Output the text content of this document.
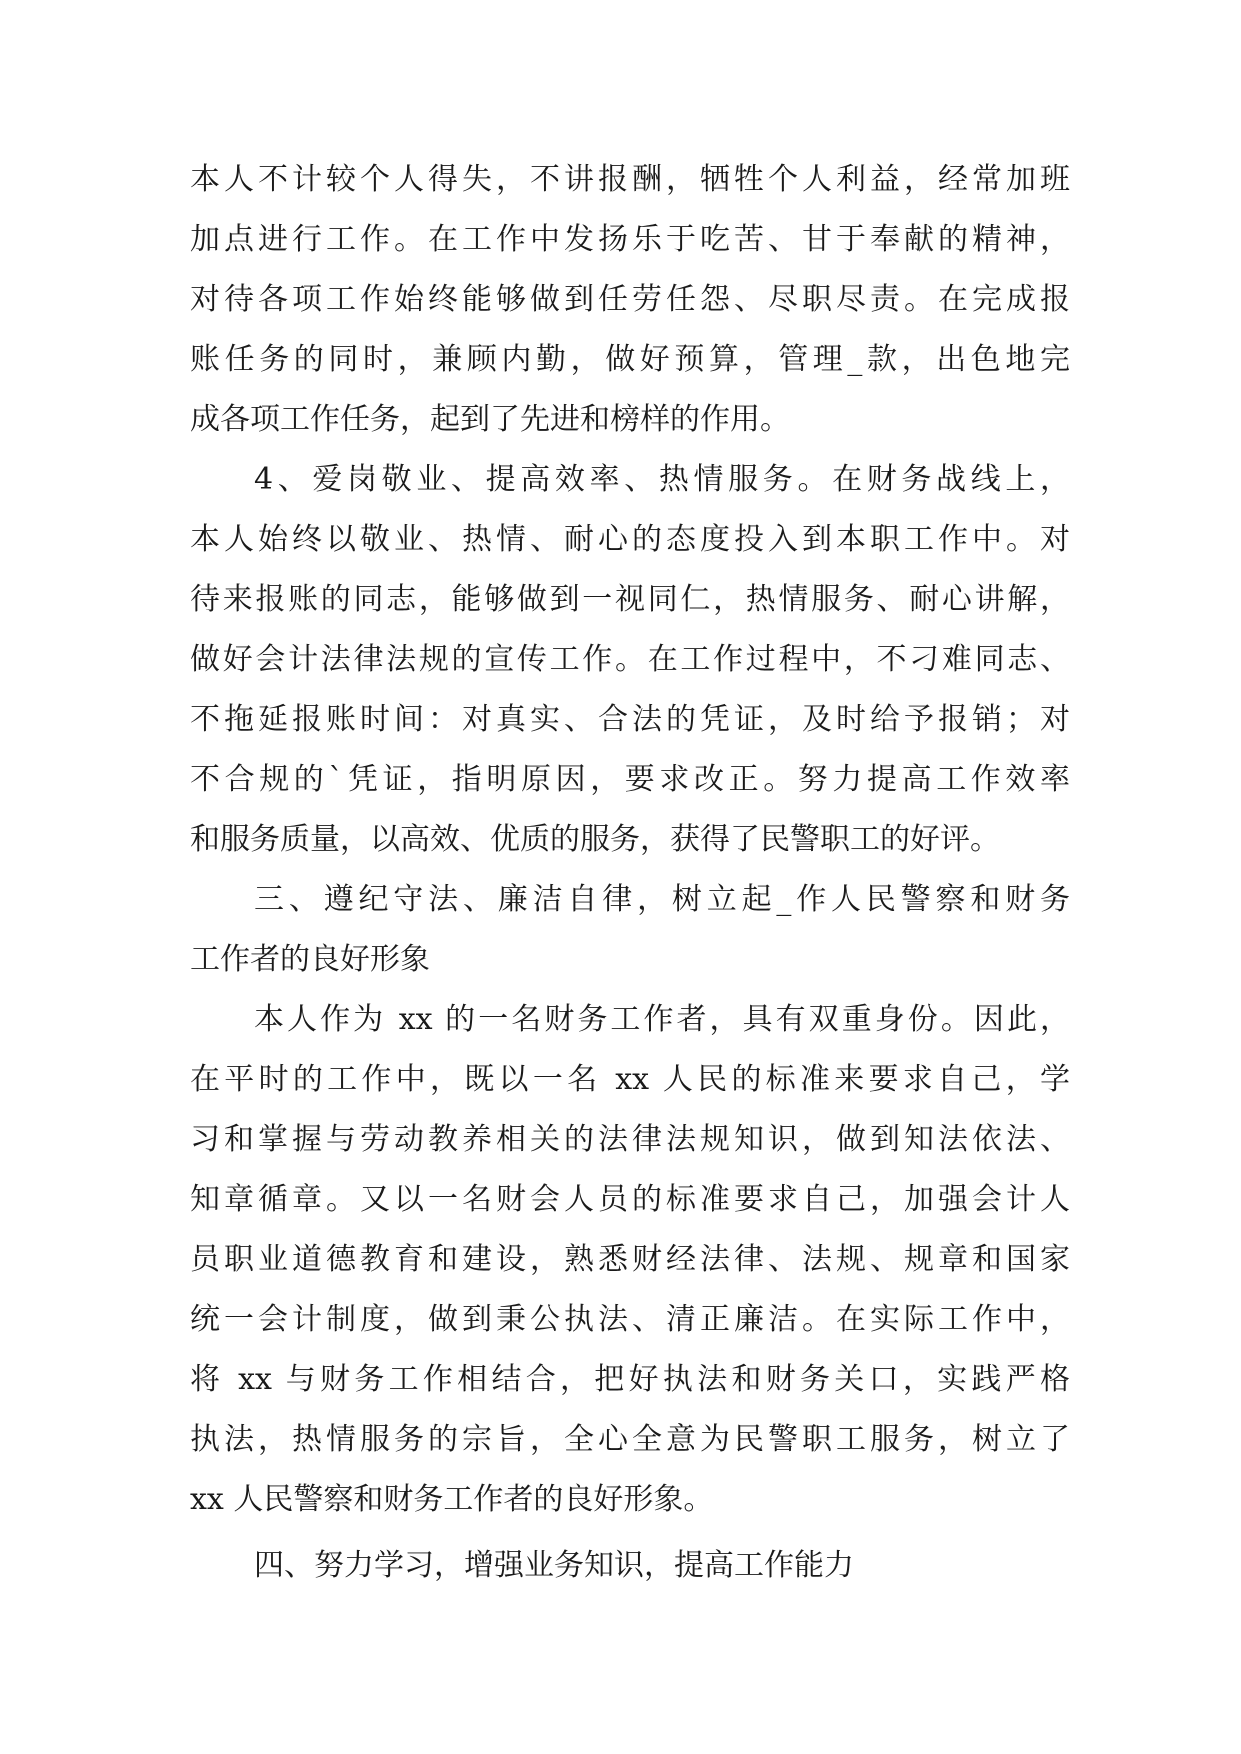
本人不计较个人得失，不讲报酬，牺牲个人利益，经常加班
加点进行工作。在工作中发扬乐于吃苦、甘于奉献的精神，
对待各项工作始终能够做到任劳任怨、尽职尽责。在完成报
账任务的同时，兼顾内勤，做好预算，管理_款，出色地完
成各项工作任务，起到了先进和榜样的作用。
4、爱岗敬业、提高效率、热情服务。在财务战线上，
本人始终以敬业、热情、耐心的态度投入到本职工作中。对
待来报账的同志，能够做到一视同仁，热情服务、耐心讲解，
做好会计法律法规的宣传工作。在工作过程中，不刁难同志、
不拖延报账时间：对真实、合法的凭证，及时给予报销；对
不合规的`凭证，指明原因，要求改正。努力提高工作效率
和服务质量，以高效、优质的服务，获得了民警职工的好评。
三、遵纪守法、廉洁自律，树立起_作人民警察和财务
工作者的良好形象
本人作为 xx 的一名财务工作者，具有双重身份。因此，
在平时的工作中，既以一名 xx 人民的标准来要求自己，学
习和掌握与劳动教养相关的法律法规知识，做到知法依法、
知章循章。又以一名财会人员的标准要求自己，加强会计人
员职业道德教育和建设，熟悉财经法律、法规、规章和国家
统一会计制度，做到秉公执法、清正廉洁。在实际工作中，
将 xx 与财务工作相结合，把好执法和财务关口，实践严格
执法，热情服务的宗旨，全心全意为民警职工服务，树立了
xx 人民警察和财务工作者的良好形象。
四、努力学习，增强业务知识，提高工作能力
